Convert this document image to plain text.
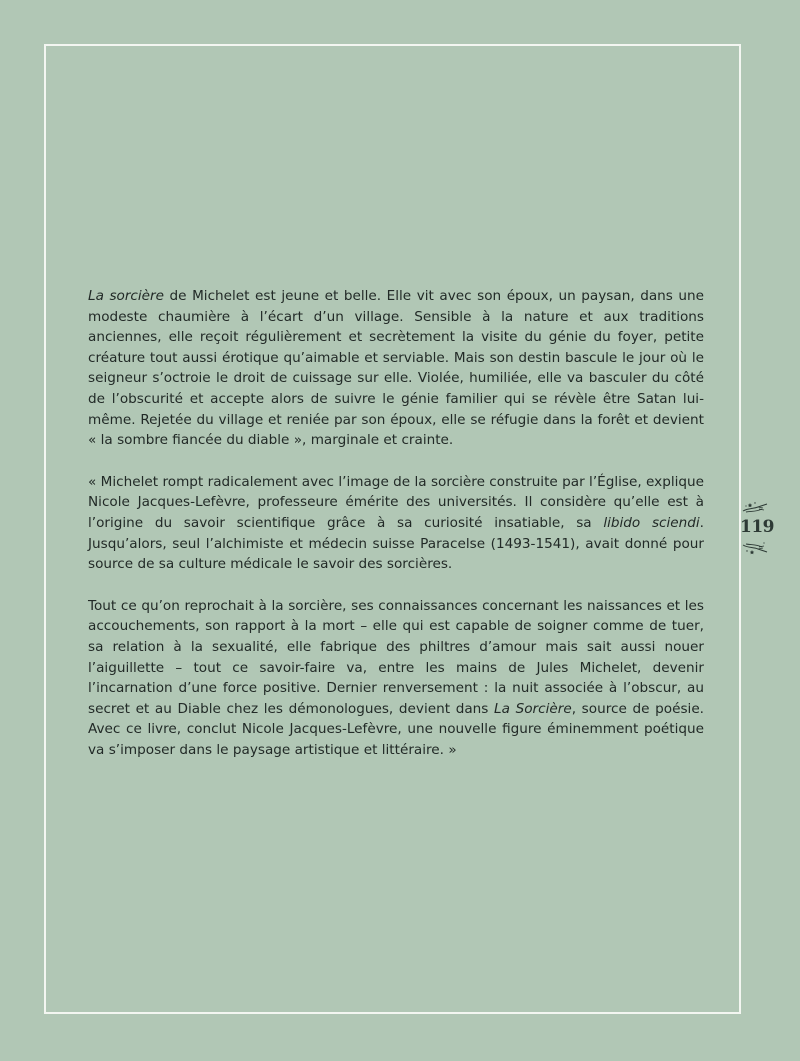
La sorcière de Michelet est jeune et belle. Elle vit avec son époux, un paysan, dans une modeste chaumière à l’écart d’un village. Sensible à la nature et aux traditions anciennes, elle reçoit régulièrement et secrètement la visite du génie du foyer, petite créature tout aussi érotique qu’aimable et serviable. Mais son destin bascule le jour où le seigneur s’octroie le droit de cuissage sur elle. Violée, humiliée, elle va basculer du côté de l’obscurité et accepte alors de suivre le génie familier qui se révèle être Satan lui-même. Rejetée du village et reniée par son époux, elle se réfugie dans la forêt et devient « la sombre fiancée du diable », marginale et crainte.

« Michelet rompt radicalement avec l’image de la sorcière construite par l’Église, explique Nicole Jacques-Lefèvre, professeure émérite des universités. Il considère qu’elle est à l’origine du savoir scientifique grâce à sa curiosité insatiable, sa libido sciendi. Jusqu’alors, seul l’alchimiste et médecin suisse Paracelse (1493-1541), avait donné pour source de sa culture médicale le savoir des sorcières.

Tout ce qu’on reprochait à la sorcière, ses connaissances concernant les naissances et les accouchements, son rapport à la mort – elle qui est capable de soigner comme de tuer, sa relation à la sexualité, elle fabrique des philtres d’amour mais sait aussi nouer l’aiguillette – tout ce savoir-faire va, entre les mains de Jules Michelet, devenir l’incarnation d’une force positive. Dernier renversement : la nuit associée à l’obscur, au secret et au Diable chez les démonologues, devient dans La Sorcière, source de poésie. Avec ce livre, conclut Nicole Jacques-Lefèvre, une nouvelle figure éminemment poétique va s’imposer dans le paysage artistique et littéraire. »

119
